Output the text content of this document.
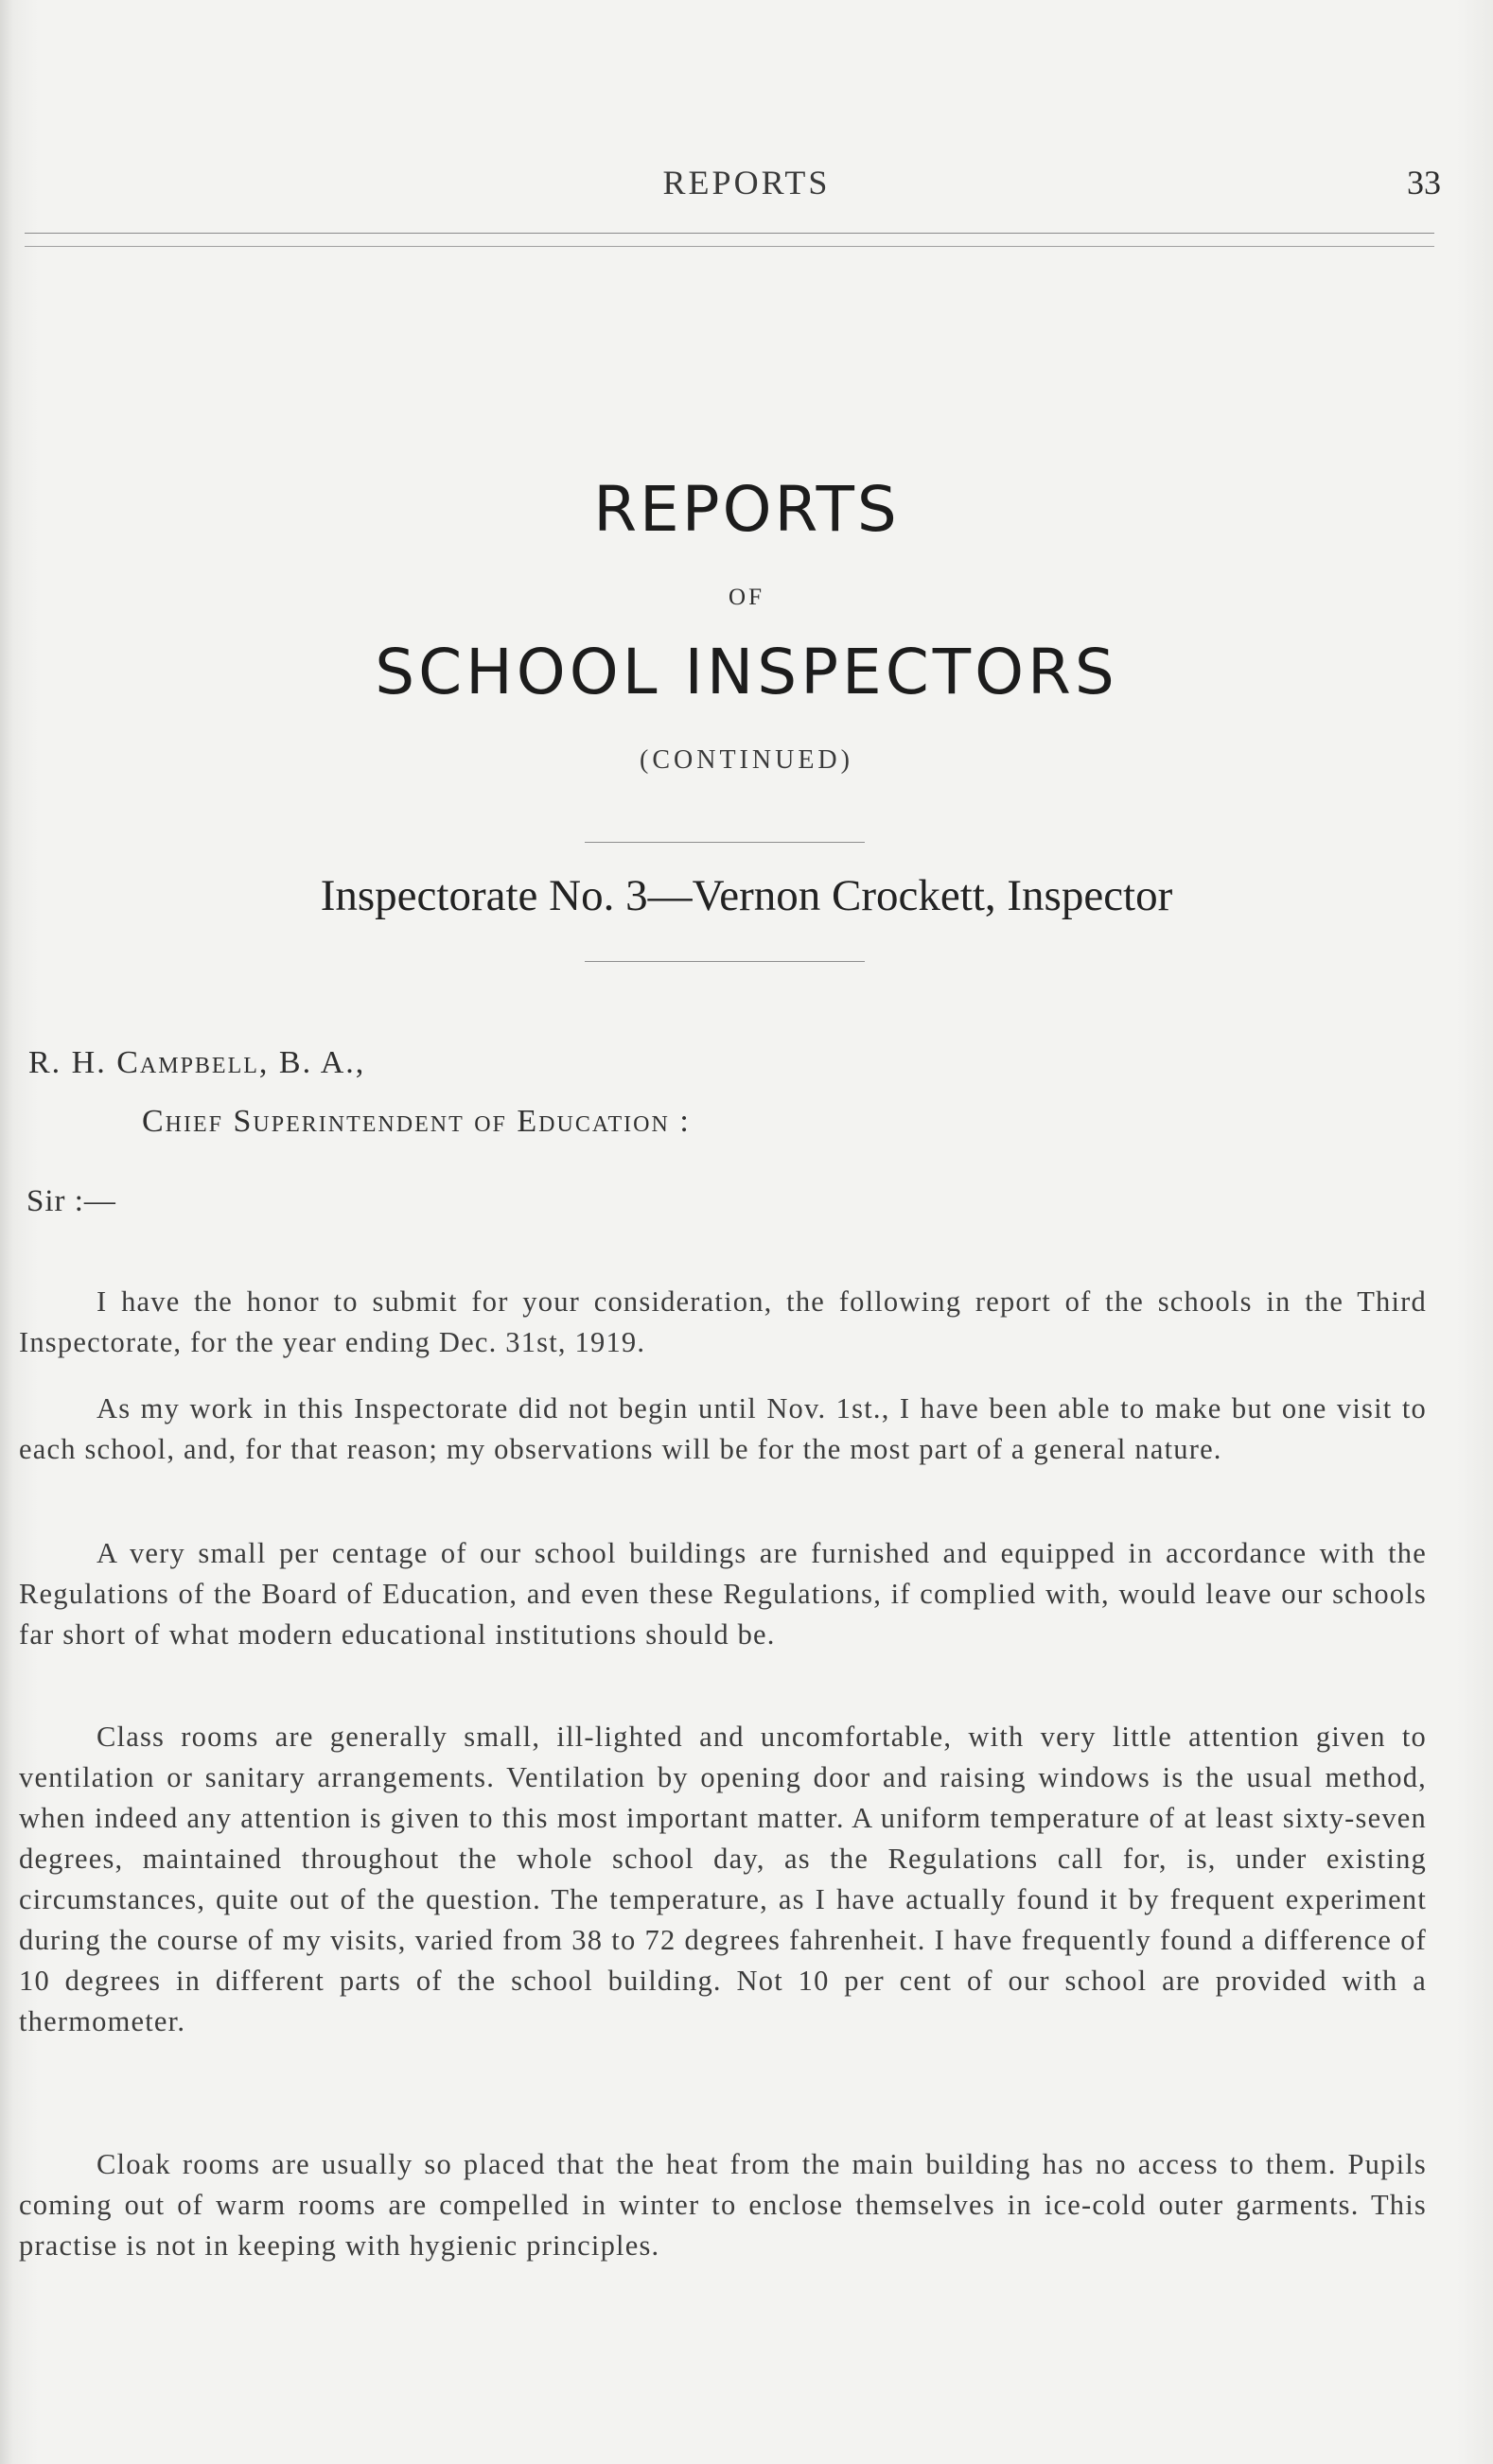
REPORTS	33
REPORTS
OF
SCHOOL INSPECTORS
(CONTINUED)
Inspectorate No. 3—Vernon Crockett, Inspector
R. H. Campbell, B. A.,
Chief Superintendent of Education :
Sir :—

I have the honor to submit for your consideration, the following report of the schools in the Third Inspectorate, for the year ending Dec. 31st, 1919.

As my work in this Inspectorate did not begin until Nov. 1st., I have been able to make but one visit to each school, and, for that reason; my observations will be for the most part of a general nature.

A very small per centage of our school buildings are furnished and equipped in accordance with the Regulations of the Board of Education, and even these Regulations, if complied with, would leave our schools far short of what modern educational institutions should be.

Class rooms are generally small, ill-lighted and uncomfortable, with very little attention given to ventilation or sanitary arrangements. Ventilation by opening door and raising windows is the usual method, when indeed any attention is given to this most important matter. A uniform temperature of at least sixty-seven degrees, maintained throughout the whole school day, as the Regulations call for, is, under existing circumstances, quite out of the question. The temperature, as I have actually found it by frequent experiment during the course of my visits, varied from 38 to 72 degrees fahrenheit. I have frequently found a difference of 10 degrees in different parts of the school building. Not 10 per cent of our school are provided with a thermometer.

Cloak rooms are usually so placed that the heat from the main building has no access to them. Pupils coming out of warm rooms are compelled in winter to enclose themselves in ice-cold outer garments. This practise is not in keeping with hygienic principles.
